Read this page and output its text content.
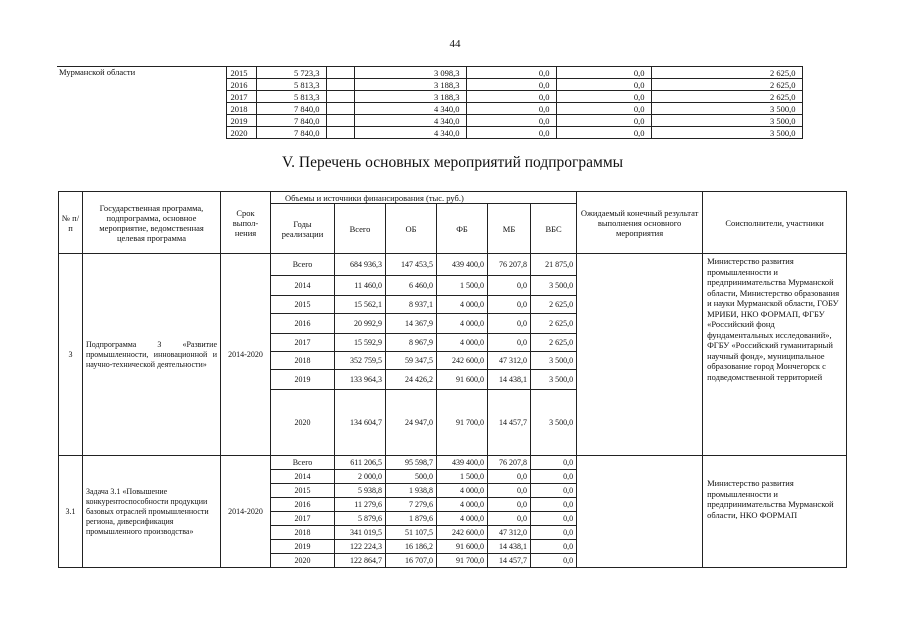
44
Мурманской области	2015	5 723,3		3 098,3	0,0	0,0	2 625,0
	2016	5 813,3		3 188,3	0,0	0,0	2 625,0
	2017	5 813,3		3 188,3	0,0	0,0	2 625,0
	2018	7 840,0		4 340,0	0,0	0,0	3 500,0
	2019	7 840,0		4 340,0	0,0	0,0	3 500,0
	2020	7 840,0		4 340,0	0,0	0,0	3 500,0
V. Перечень основных мероприятий подпрограммы
№ п/п	Государственная программа, подпрограмма, основное мероприятие, ведомственная целевая программа	Срок выпол-нения	Объемы и источники финансирования (тыс. руб.)						Ожидаемый конечный результат выполнения основного мероприятия	Соисполнители, участники
			Годы реализации	Всего	ОБ	ФБ	МБ	ВБС		
3	Подпрограмма 3 «Развитие промышленности, инновационной и научно-технической деятельности»	2014-2020	Всего	684 936,3	147 453,5	439 400,0	76 207,8	21 875,0		Министерство развития промышленности и предпринимательства Мурманской области, Министерство образования и науки Мурманской области, ГОБУ МРИБИ, НКО ФОРМАП, ФГБУ «Российский фонд фундаментальных исследований», ФГБУ «Российский гуманитарный научный фонд», муниципальное образование город Мончегорск с подведомственной территорией
			2014	11 460,0	6 460,0	1 500,0	0,0	3 500,0		
			2015	15 562,1	8 937,1	4 000,0	0,0	2 625,0		
			2016	20 992,9	14 367,9	4 000,0	0,0	2 625,0		
			2017	15 592,9	8 967,9	4 000,0	0,0	2 625,0		
			2018	352 759,5	59 347,5	242 600,0	47 312,0	3 500,0		
			2019	133 964,3	24 426,2	91 600,0	14 438,1	3 500,0		
			2020	134 604,7	24 947,0	91 700,0	14 457,7	3 500,0		
3.1	Задача 3.1 «Повышение конкурентоспособности продукции базовых отраслей промышленности региона, диверсификация промышленного производства»	2014-2020	Всего	611 206,5	95 598,7	439 400,0	76 207,8	0,0		Министерство развития промышленности и предпринимательства Мурманской области, НКО ФОРМАП
			2014	2 000,0	500,0	1 500,0	0,0	0,0		
			2015	5 938,8	1 938,8	4 000,0	0,0	0,0		
			2016	11 279,6	7 279,6	4 000,0	0,0	0,0		
			2017	5 879,6	1 879,6	4 000,0	0,0	0,0		
			2018	341 019,5	51 107,5	242 600,0	47 312,0	0,0		
			2019	122 224,3	16 186,2	91 600,0	14 438,1	0,0		
			2020	122 864,7	16 707,0	91 700,0	14 457,7	0,0		
